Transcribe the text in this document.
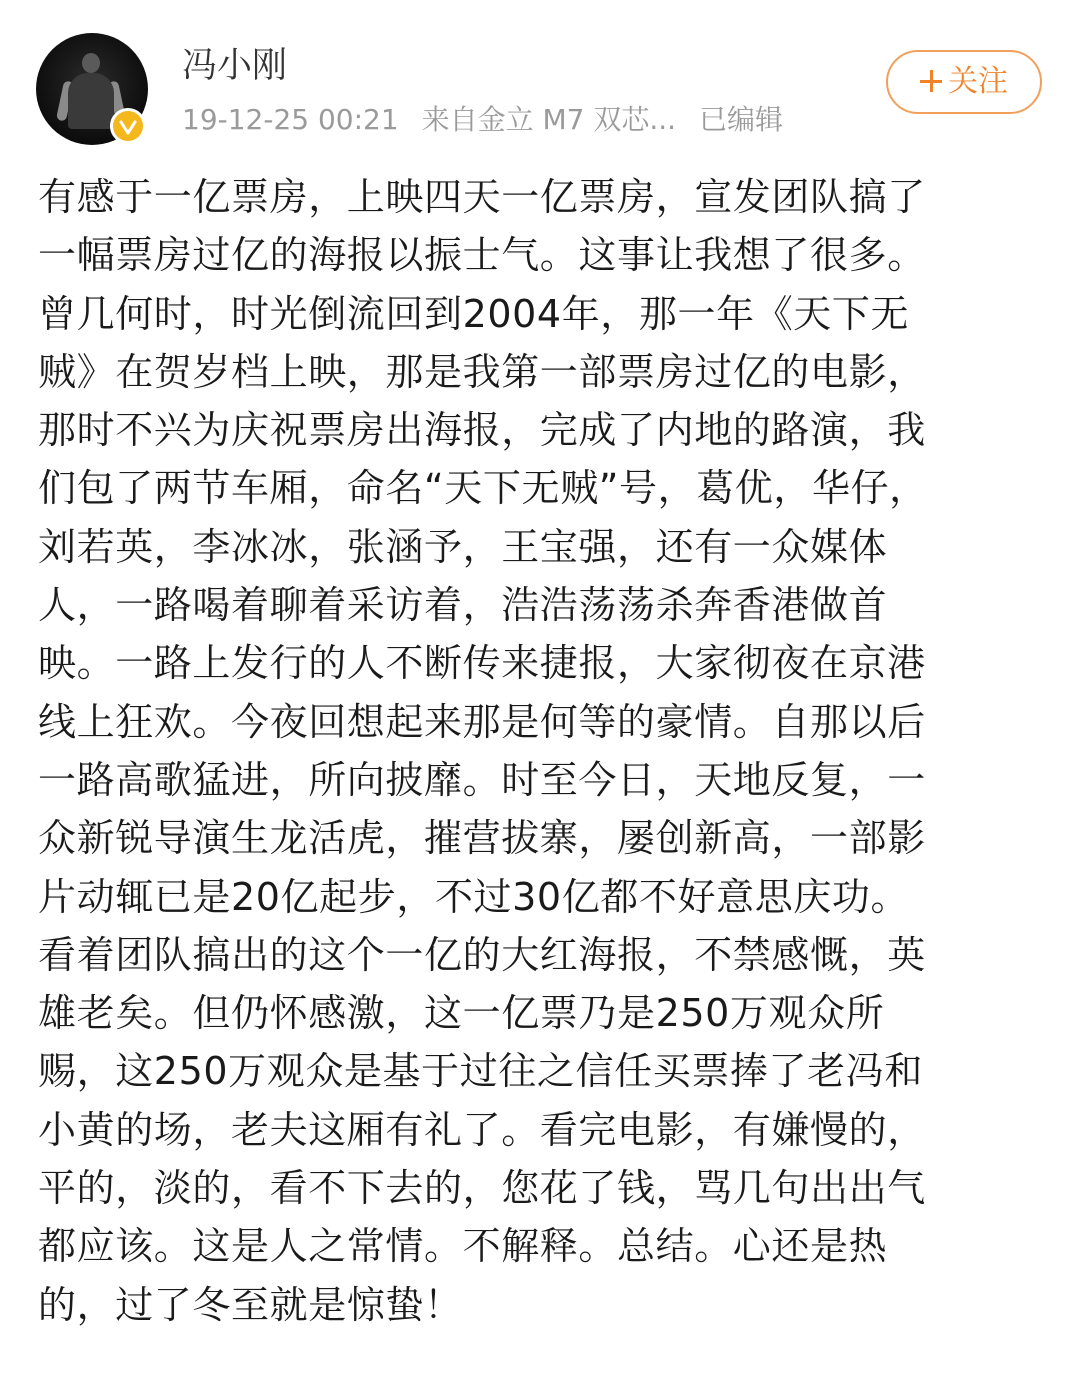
冯小刚
19-12-25 00:21 来自金立 M7 双芯... 已编辑
关注
有感于一亿票房，上映四天一亿票房，宣发团队搞了
一幅票房过亿的海报以振士气。这事让我想了很多。
曾几何时，时光倒流回到2004年，那一年《天下无
贼》在贺岁档上映，那是我第一部票房过亿的电影，
那时不兴为庆祝票房出海报，完成了内地的路演，我
们包了两节车厢，命名“天下无贼”号，葛优，华仔，
刘若英，李冰冰，张涵予，王宝强，还有一众媒体
人，一路喝着聊着采访着，浩浩荡荡杀奔香港做首
映。一路上发行的人不断传来捷报，大家彻夜在京港
线上狂欢。今夜回想起来那是何等的豪情。自那以后
一路高歌猛进，所向披靡。时至今日，天地反复，一
众新锐导演生龙活虎，摧营拔寨，屡创新高，一部影
片动辄已是20亿起步，不过30亿都不好意思庆功。
看着团队搞出的这个一亿的大红海报，不禁感慨，英
雄老矣。但仍怀感激，这一亿票乃是250万观众所
赐，这250万观众是基于过往之信任买票捧了老冯和
小黄的场，老夫这厢有礼了。看完电影，有嫌慢的，
平的，淡的，看不下去的，您花了钱，骂几句出出气
都应该。这是人之常情。不解释。总结。心还是热
的，过了冬至就是惊蛰！
